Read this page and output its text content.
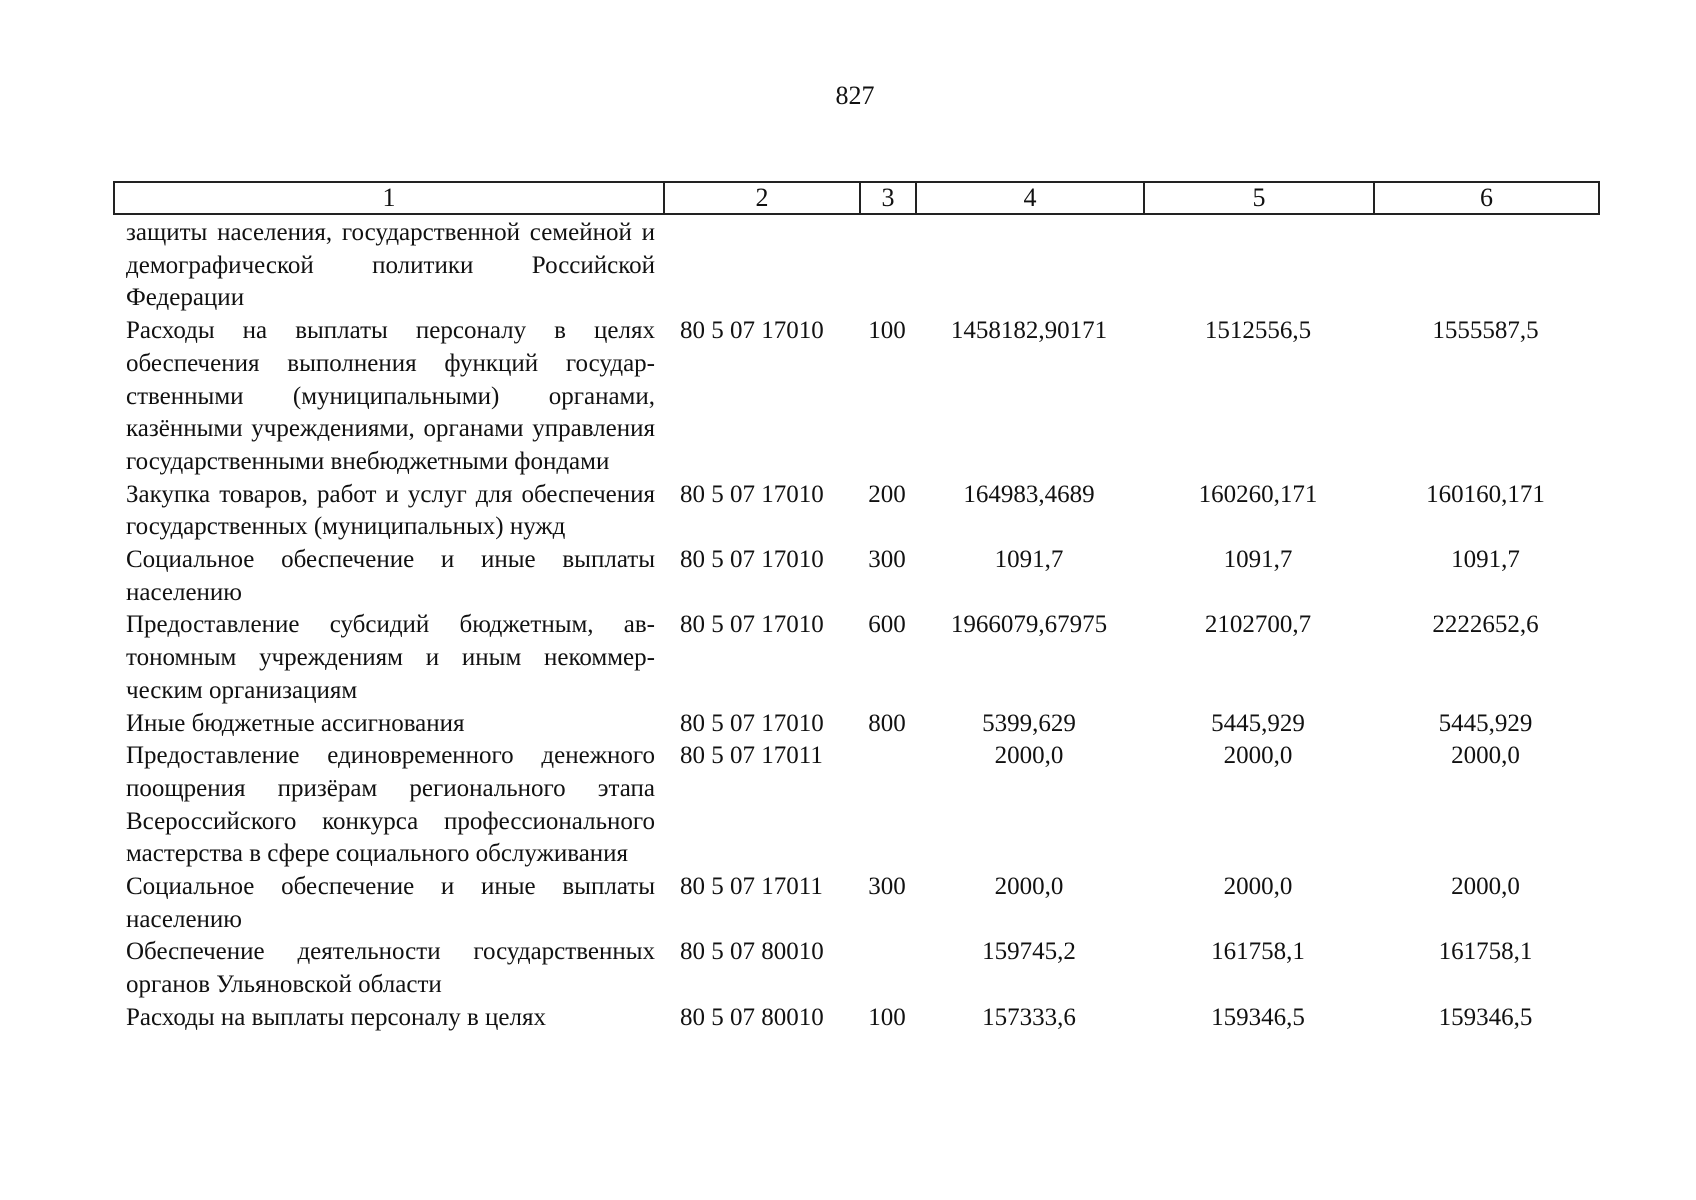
827
1	2	3	4	5	6
защиты населения, государственной семейной и демографической политики Российской Федерации					
Расходы на выплаты персоналу в целях обеспечения выполнения функций государственными (муниципальными) органами, казёнными учреждениями, органами управления государственными внебюджетными фондами	80 5 07 17010	100	1458182,90171	1512556,5	1555587,5
Закупка товаров, работ и услуг для обеспечения государственных (муниципальных) нужд	80 5 07 17010	200	164983,4689	160260,171	160160,171
Социальное обеспечение и иные выплаты населению	80 5 07 17010	300	1091,7	1091,7	1091,7
Предоставление субсидий бюджетным, автономным учреждениям и иным некоммерческим организациям	80 5 07 17010	600	1966079,67975	2102700,7	2222652,6
Иные бюджетные ассигнования	80 5 07 17010	800	5399,629	5445,929	5445,929
Предоставление единовременного денежного поощрения призёрам регионального этапа Всероссийского конкурса профессионального мастерства в сфере социального обслуживания	80 5 07 17011		2000,0	2000,0	2000,0
Социальное обеспечение и иные выплаты населению	80 5 07 17011	300	2000,0	2000,0	2000,0
Обеспечение деятельности государственных органов Ульяновской области	80 5 07 80010		159745,2	161758,1	161758,1
Расходы на выплаты персоналу в целях	80 5 07 80010	100	157333,6	159346,5	159346,5
